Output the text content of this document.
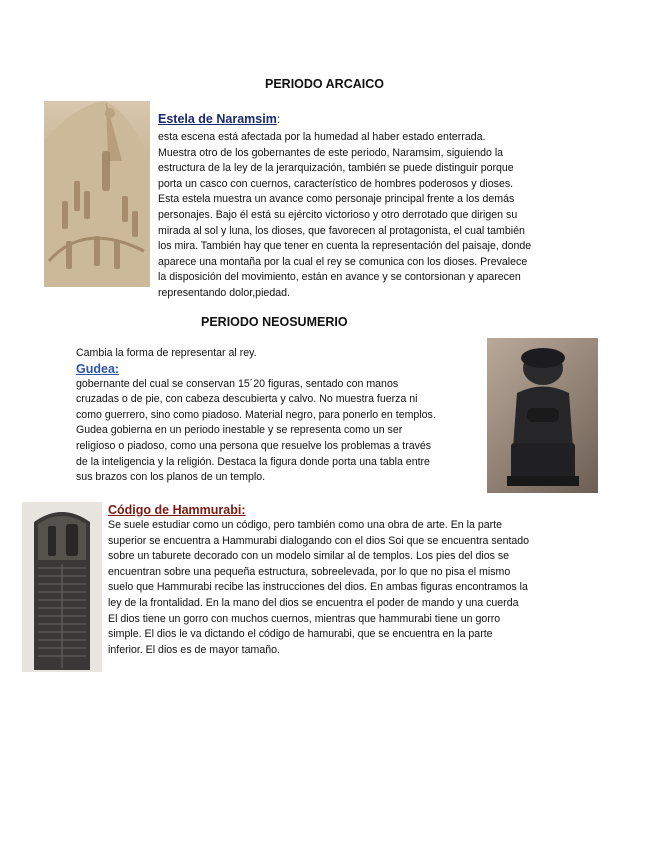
PERIODO ARCAICO
Estela de Naramsim:

esta escena está afectada por la humedad al haber estado enterrada.

Muestra otro de los gobernantes de este periodo, Naramsim, siguiendo la

estructura de la ley de la jerarquización, también se puede distinguir porque

porta un casco con cuernos, característico de hombres poderosos y dioses.

Esta estela muestra un avance como personaje principal frente a los demás

personajes. Bajo él está su ejército victorioso y otro derrotado que dirigen su

mirada al sol y luna, los dioses, que favorecen al protagonista, el cual también

los mira. También hay que tener en cuenta la representación del paisaje, donde

aparece una montaña por la cual el rey se comunica con los dioses. Prevalece

la disposición del movimiento, están en avance y se contorsionan y aparecen

representando dolor,piedad.

PERIODO NEOSUMERIO

Cambia la forma de representar al rey.

Gudea:

gobernante del cual se conservan 15´20 figuras, sentado con manos

cruzadas o de pie, con cabeza descubierta y calvo. No muestra fuerza ni

como guerrero, sino como piadoso. Material negro, para ponerlo en templos.

Gudea gobierna en un periodo inestable y se representa como un ser

religioso o piadoso, como una persona que resuelve los problemas a través

de la inteligencia y la religión. Destaca la figura donde porta una tabla entre

sus brazos con los planos de un templo.

Código de Hammurabi:

Se suele estudiar como un código, pero también como una obra de arte. En la parte

superior se encuentra a Hammurabi dialogando con el dios Soi que se encuentra sentado

sobre un taburete decorado con un modelo similar al de templos. Los pies del dios se

encuentran sobre una pequeña estructura, sobreelevada, por lo que no pisa el mismo

suelo que Hammurabi recibe las instrucciones del dios. En ambas figuras encontramos la

ley de la frontalidad. En la mano del dios se encuentra el poder de mando y una cuerda

El dios tiene un gorro con muchos cuernos, mientras que hammurabi tiene un gorro

simple. El dios le va dictando el código de hamurabi, que se encuentra en la parte

inferior. El dios es de mayor tamaño.
